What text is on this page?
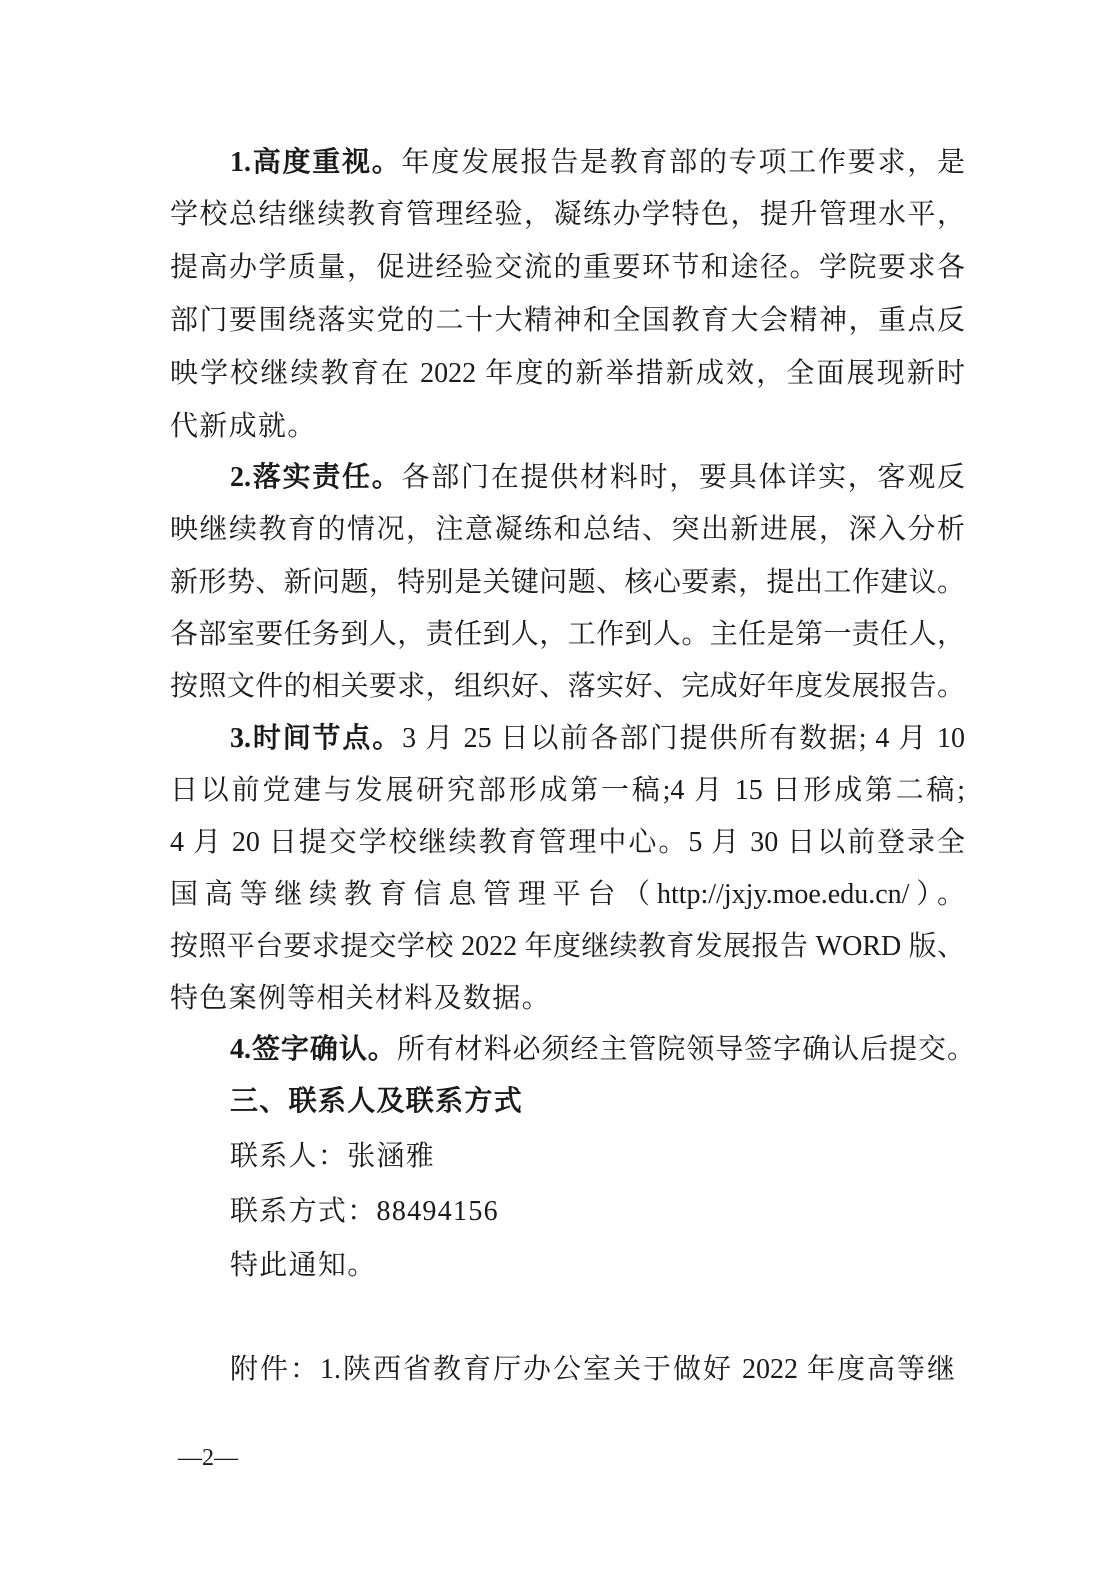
1.高度重视。年度发展报告是教育部的专项工作要求，是
学校总结继续教育管理经验，凝练办学特色，提升管理水平，
提高办学质量，促进经验交流的重要环节和途径。学院要求各
部门要围绕落实党的二十大精神和全国教育大会精神，重点反
映学校继续教育在 2022 年度的新举措新成效，全面展现新时
代新成就。
2.落实责任。各部门在提供材料时，要具体详实，客观反
映继续教育的情况，注意凝练和总结、突出新进展，深入分析
新形势、新问题，特别是关键问题、核心要素，提出工作建议。
各部室要任务到人，责任到人，工作到人。主任是第一责任人，
按照文件的相关要求，组织好、落实好、完成好年度发展报告。
3.时间节点。3 月 25 日以前各部门提供所有数据; 4 月 10
日以前党建与发展研究部形成第一稿;4 月 15 日形成第二稿;
4 月 20 日提交学校继续教育管理中心。5 月 30 日以前登录全
国高等继续教育信息管理平台（http://jxjy.moe.edu.cn/）。
按照平台要求提交学校 2022 年度继续教育发展报告 WORD 版、
特色案例等相关材料及数据。
4.签字确认。所有材料必须经主管院领导签字确认后提交。
三、联系人及联系方式
联系人：张涵雅
联系方式：88494156
特此通知。
附件：1.陕西省教育厅办公室关于做好 2022 年度高等继
—2—
